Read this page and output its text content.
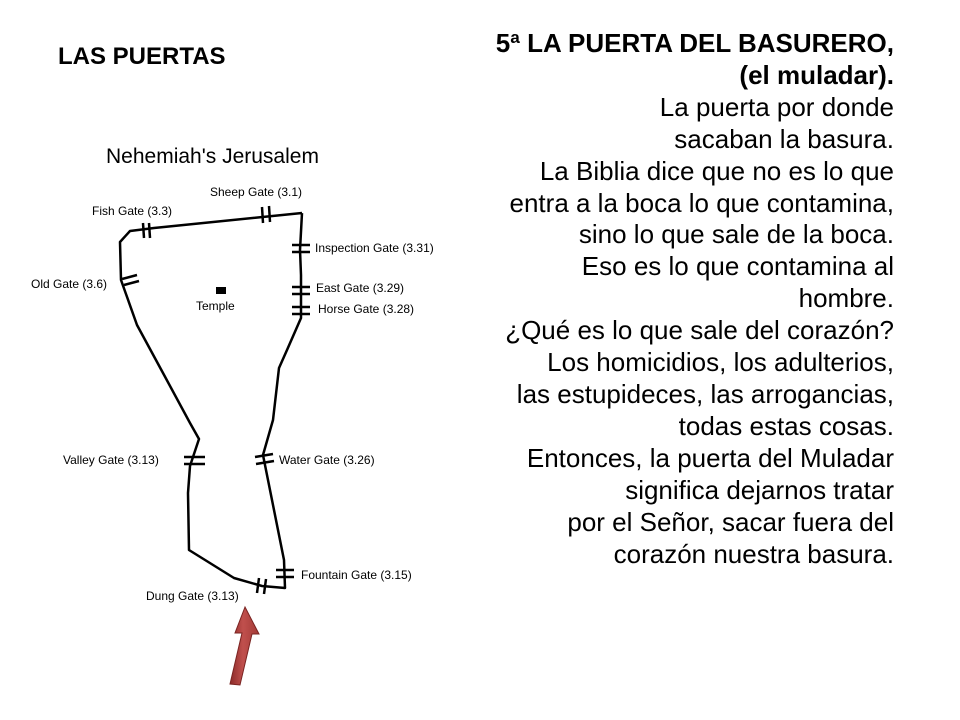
LAS PUERTAS
Nehemiah's Jerusalem
Temple
Sheep Gate (3.1)
Fish Gate (3.3)
Inspection Gate (3.31)
Old Gate (3.6)	East Gate (3.29)
Horse Gate (3.28)
Valley Gate (3.13)	Water Gate (3.26)
Fountain Gate (3.15)
Dung Gate (3.13)
5ª LA PUERTA DEL BASURERO,
(el muladar).
La puerta por donde
sacaban la basura.
La Biblia dice que no es lo que
entra a la boca lo que contamina,
sino lo que sale de la boca.
Eso es lo que contamina al
hombre.
¿Qué es lo que sale del corazón?
Los homicidios, los adulterios,
las estupideces, las arrogancias,
todas estas cosas.
Entonces, la puerta del Muladar
significa dejarnos tratar
por el Señor, sacar fuera del
corazón nuestra basura.
